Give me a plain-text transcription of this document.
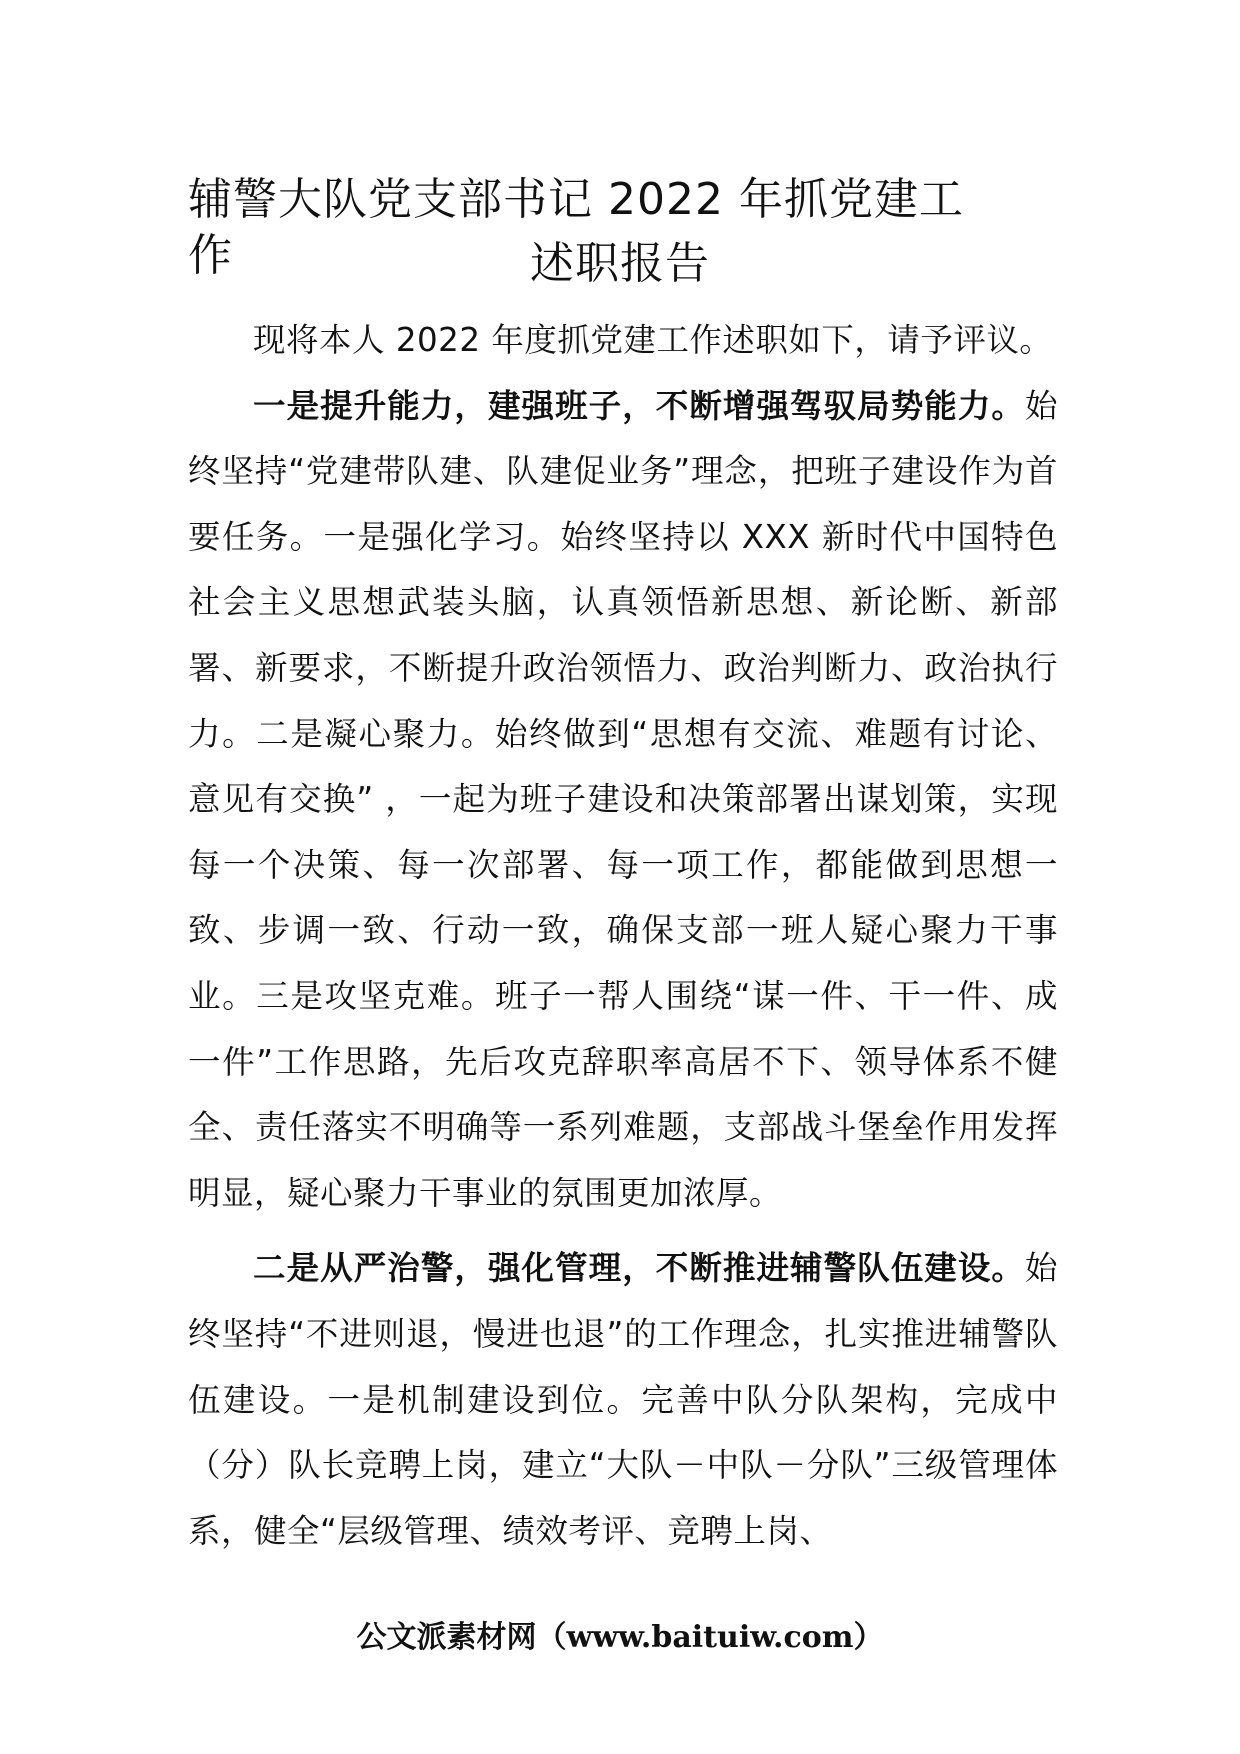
辅警大队党支部书记 2022 年抓党建工作	述职报告

现将本人 2022 年度抓党建工作述职如下，请予评议。

一是提升能力，建强班子，不断增强驾驭局势能力。始终坚持“党建带队建、队建促业务”理念，把班子建设作为首要任务。一是强化学习。始终坚持以 XXX 新时代中国特色社会主义思想武装头脑，认真领悟新思想、新论断、新部署、新要求，不断提升政治领悟力、政治判断力、政治执行力。二是凝心聚力。始终做到“思想有交流、难题有讨论、意见有交换” ，一起为班子建设和决策部署出谋划策，实现每一个决策、每一次部署、每一项工作，都能做到思想一致、步调一致、行动一致，确保支部一班人疑心聚力干事业。三是攻坚克难。班子一帮人围绕“谋一件、干一件、成一件”工作思路，先后攻克辞职率高居不下、领导体系不健全、责任落实不明确等一系列难题，支部战斗堡垒作用发挥明显，疑心聚力干事业的氛围更加浓厚。

二是从严治警，强化管理，不断推进辅警队伍建设。始终坚持“不进则退，慢进也退”的工作理念，扎实推进辅警队伍建设。一是机制建设到位。完善中队分队架构，完成中（分）队长竞聘上岗，建立“大队－中队－分队”三级管理体系，健全“层级管理、绩效考评、竞聘上岗、

公文派素材网（www.baituiw.com）
